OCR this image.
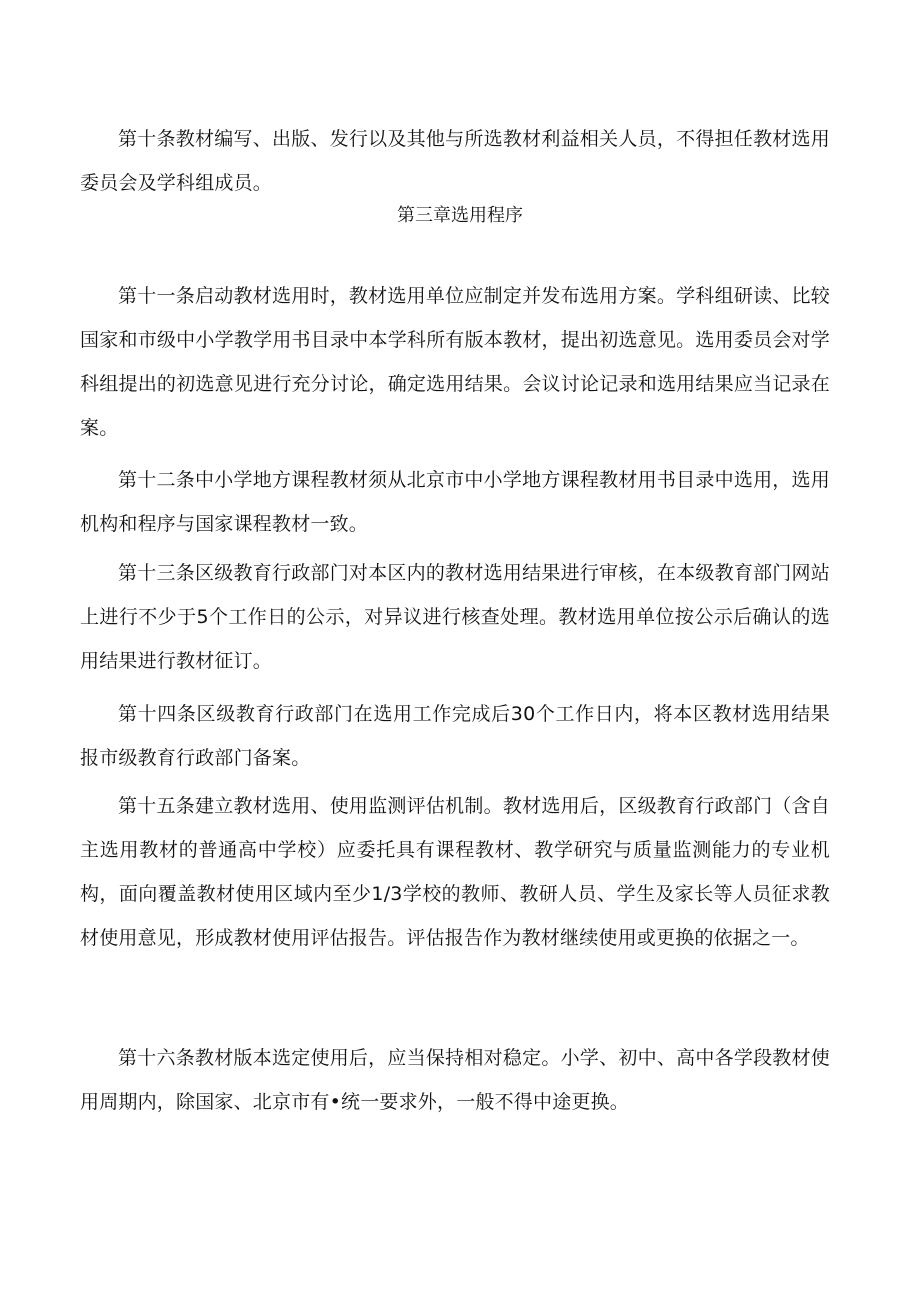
第十条教材编写、出版、发行以及其他与所选教材利益相关人员，不得担任教材选用委员会及学科组成员。

第三章选用程序

第十一条启动教材选用时，教材选用单位应制定并发布选用方案。学科组研读、比较国家和市级中小学教学用书目录中本学科所有版本教材，提出初选意见。选用委员会对学科组提出的初选意见进行充分讨论，确定选用结果。会议讨论记录和选用结果应当记录在案。

第十二条中小学地方课程教材须从北京市中小学地方课程教材用书目录中选用，选用机构和程序与国家课程教材一致。

第十三条区级教育行政部门对本区内的教材选用结果进行审核，在本级教育部门网站上进行不少于5个工作日的公示，对异议进行核查处理。教材选用单位按公示后确认的选用结果进行教材征订。

第十四条区级教育行政部门在选用工作完成后30个工作日内，将本区教材选用结果报市级教育行政部门备案。

第十五条建立教材选用、使用监测评估机制。教材选用后，区级教育行政部门（含自主选用教材的普通高中学校）应委托具有课程教材、教学研究与质量监测能力的专业机构，面向覆盖教材使用区域内至少1/3学校的教师、教研人员、学生及家长等人员征求教材使用意见，形成教材使用评估报告。评估报告作为教材继续使用或更换的依据之一。

第十六条教材版本选定使用后，应当保持相对稳定。小学、初中、高中各学段教材使用周期内，除国家、北京市有•统一要求外，一般不得中途更换。
